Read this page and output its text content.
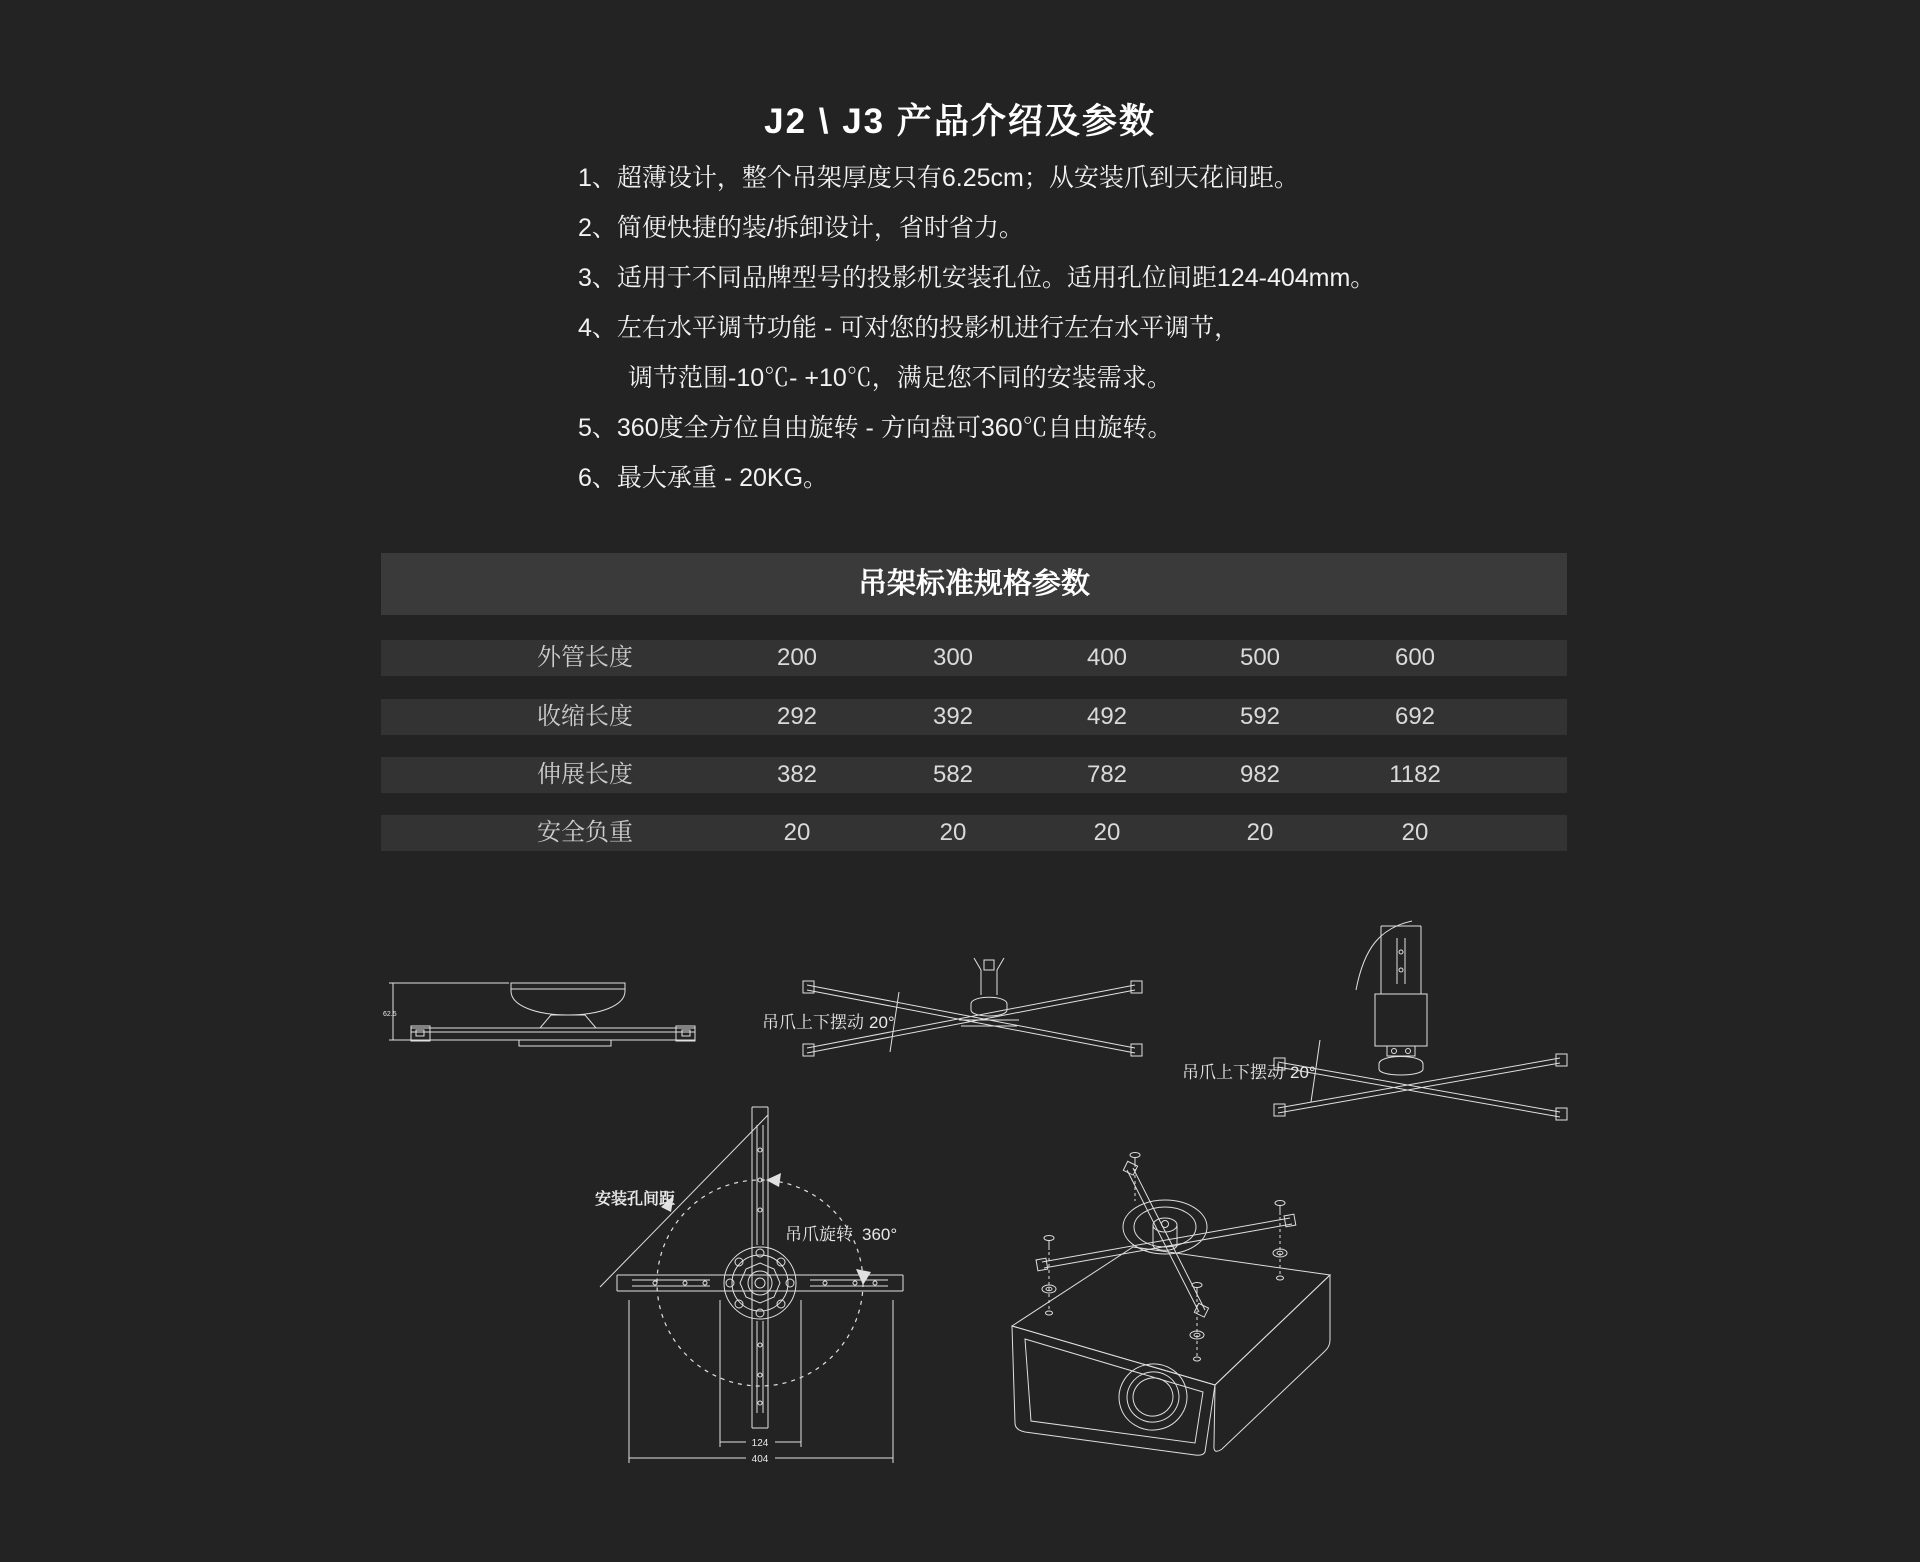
J2 \ J3 产品介绍及参数
1、超薄设计，整个吊架厚度只有6.25cm；从安装爪到天花间距。
2、简便快捷的装/拆卸设计，省时省力。
3、适用于不同品牌型号的投影机安装孔位。适用孔位间距124-404mm。
4、左右水平调节功能 - 可对您的投影机进行左右水平调节，
调节范围-10℃- +10℃，满足您不同的安装需求。
5、360度全方位自由旋转 - 方向盘可360℃自由旋转。
6、最大承重 - 20KG。
吊架标准规格参数
外管长度	200	300	400	500	600
收缩长度	292	392	492	592	692
伸展长度	382	582	782	982	1182
安全负重	20	20	20	20	20
62.5	吊爪上下摆动 20°
吊爪上下摆动 20°
安装孔间距
吊爪旋转 360°
124
404
